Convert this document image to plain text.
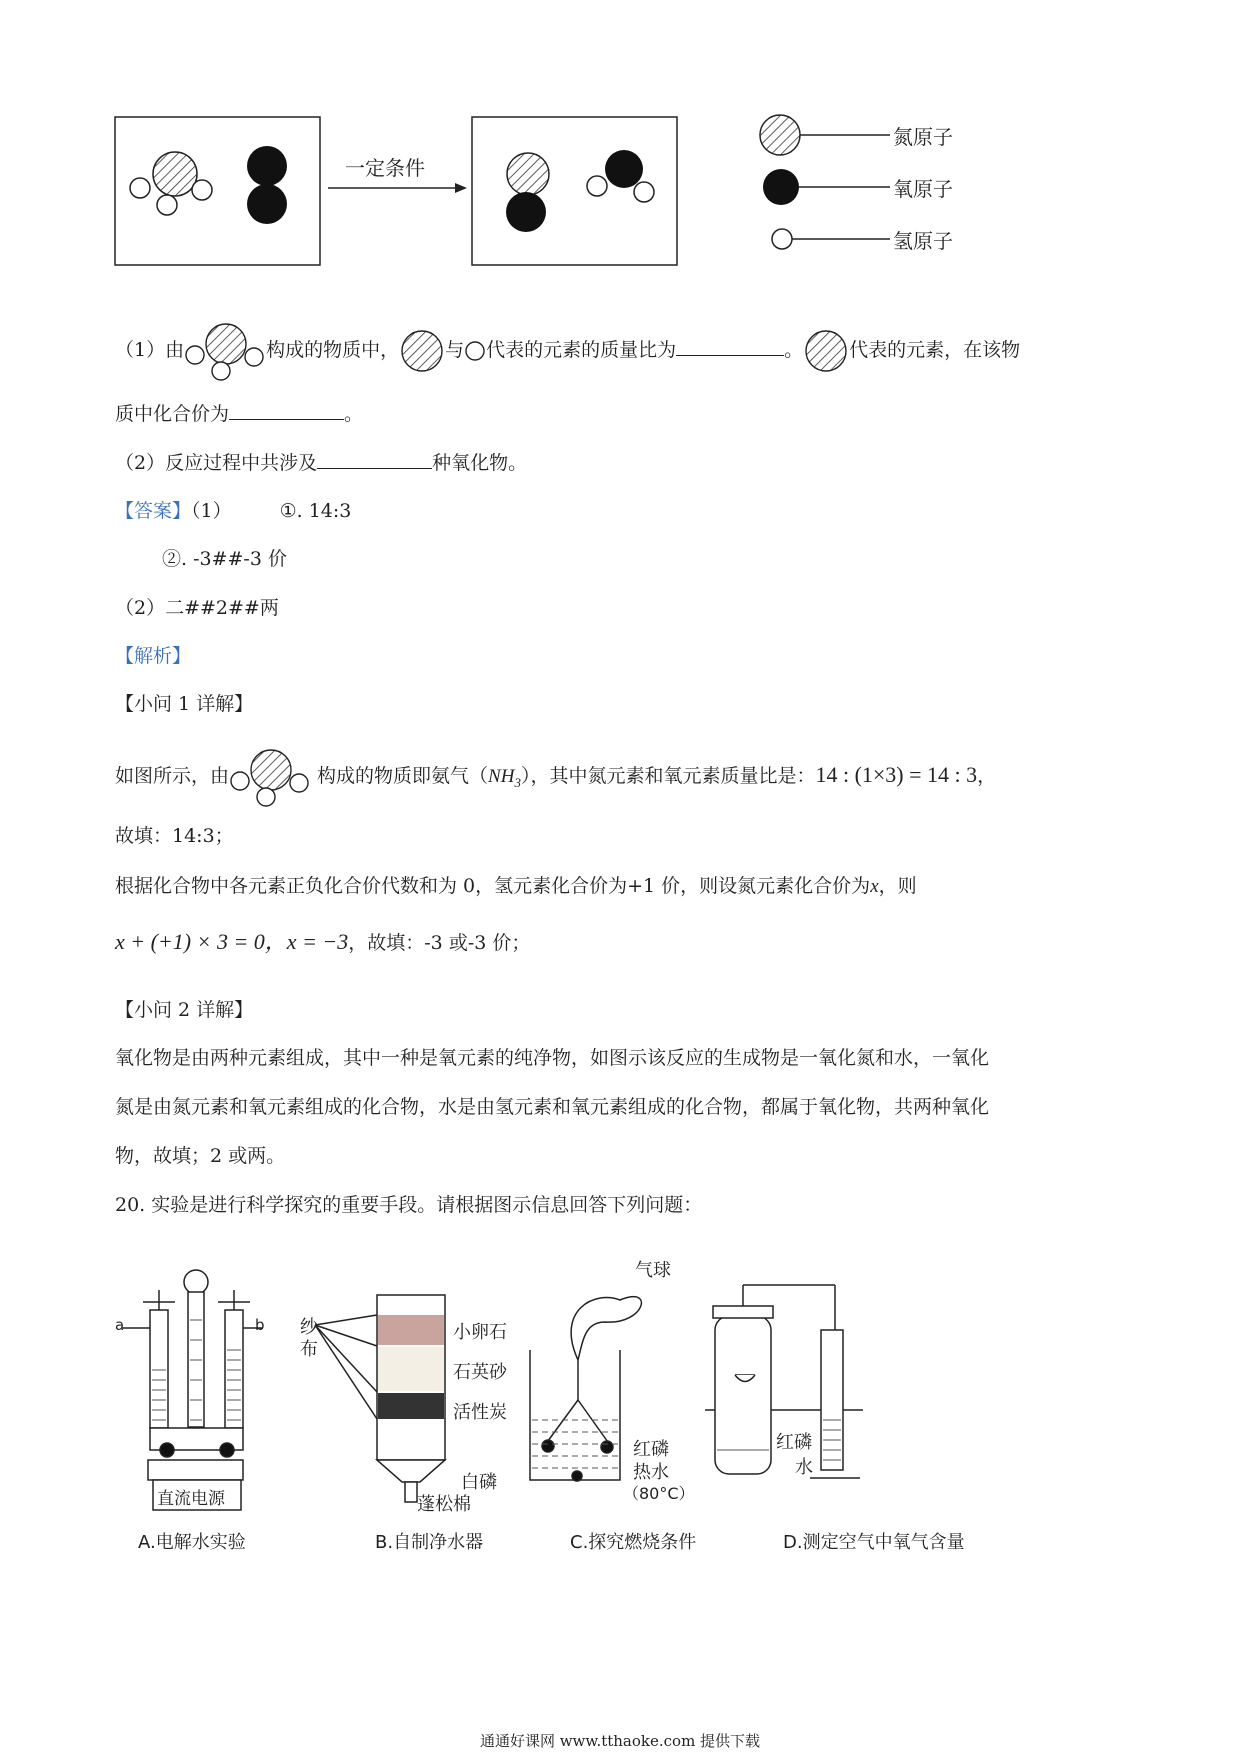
一定条件
氮原子
氧原子
氢原子
（1）由	构成的物质中， 与 代表的元素的质量比为	。 代表的元素，在该物
质中化合价为	。
（2）反应过程中共涉及	种氧化物。
【答案】（1）	①. 14:3
②. -3##-3 价
（2）二##2##两
【解析】
【小问 1 详解】
如图所示，由	构成的物质即氨气$(NH_3)$，其中氮元素和氧元素质量比是：14 : (1×3) = 14 : 3，
故填：14:3；
根据化合物中各元素正负化合价代数和为 0，氢元素化合价为+1 价，则设氮元素化合价为x，则
x + (+1) × 3 = 0，x = −3，故填：-3 或-3 价；
【小问 2 详解】
氧化物是由两种元素组成，其中一种是氧元素的纯净物，如图示该反应的生成物是一氧化氮和水，一氧化
氮是由氮元素和氧元素组成的化合物，水是由氢元素和氧元素组成的化合物，都属于氧化物，共两种氧化
物，故填；2 或两。
20. 实验是进行科学探究的重要手段。请根据图示信息回答下列问题：
a	b
直流电源
A.电解水实验
纱
布
小卵石
石英砂
活性炭
蓬松棉
B.自制净水器
气球
红磷
热水
（80°C）
白磷
C.探究燃烧条件
红磷
水
D.测定空气中氧气含量
通通好课网 www.tthaoke.com 提供下载
